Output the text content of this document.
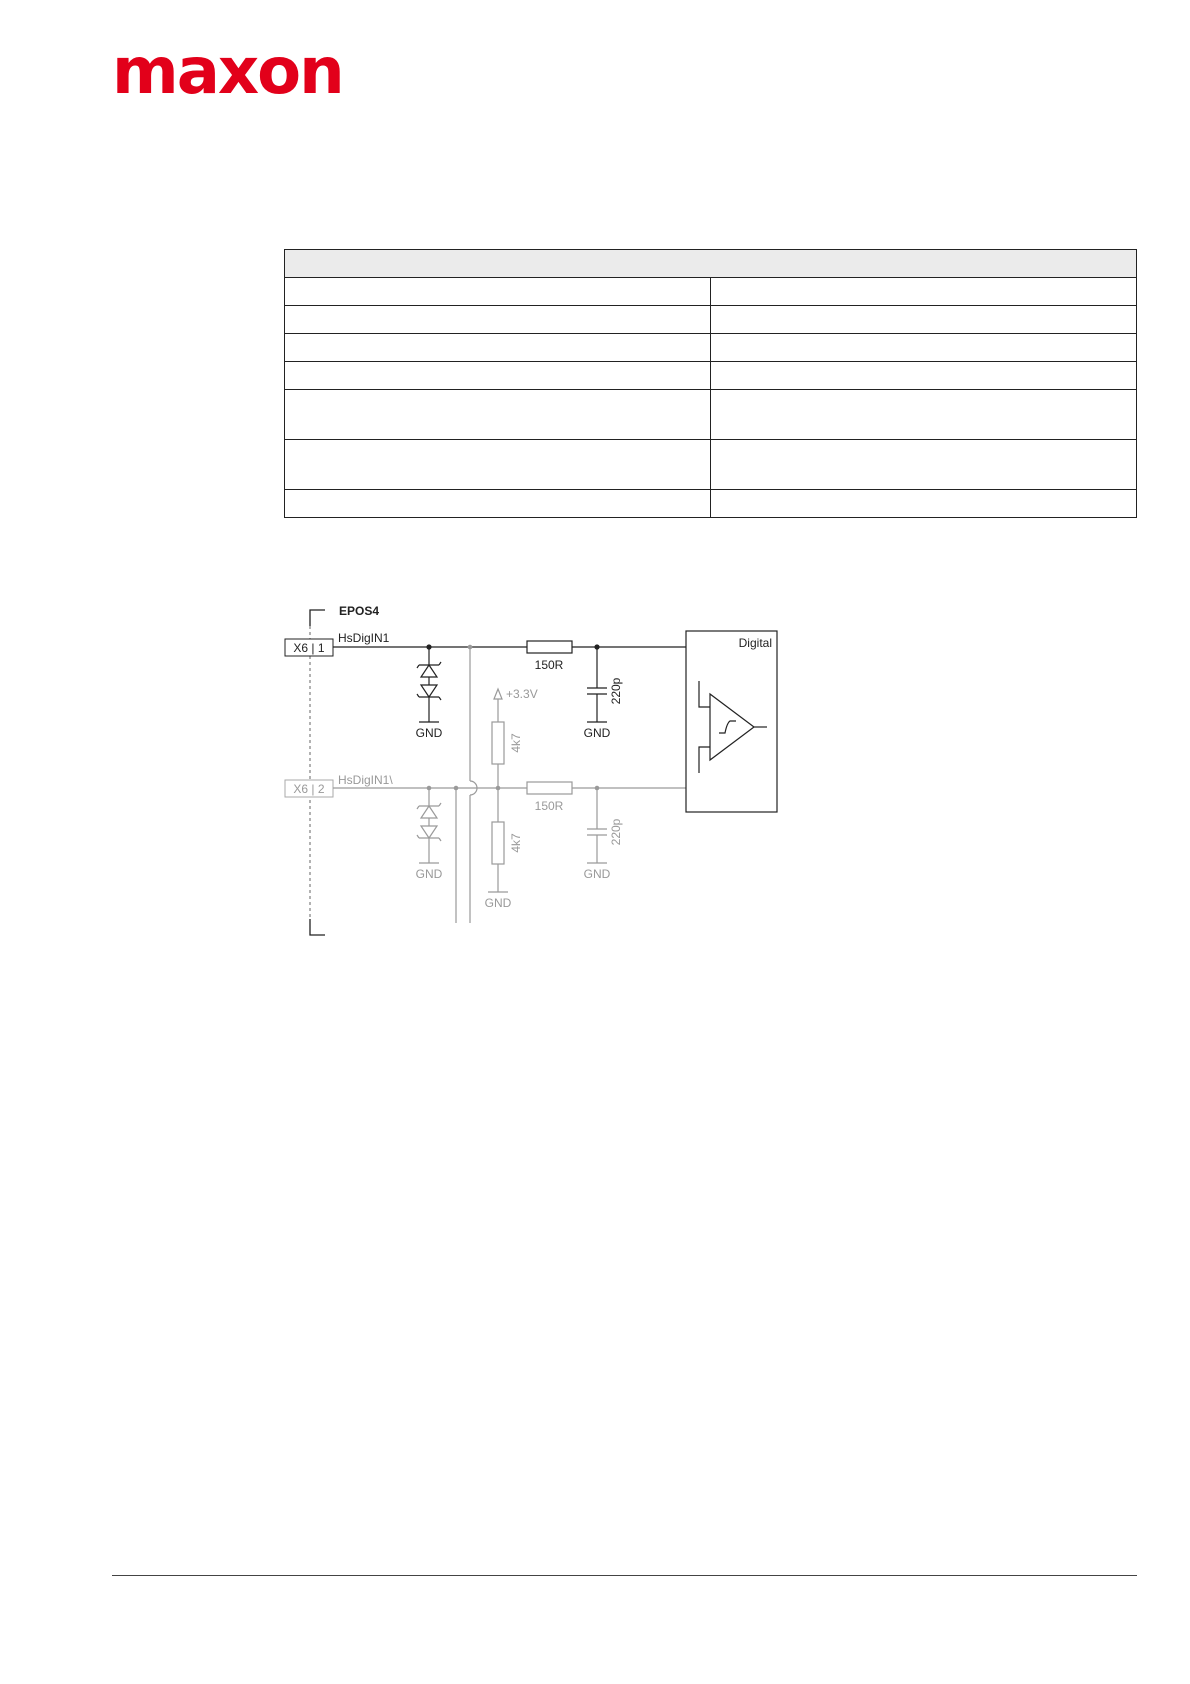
maxon

EPOS4
X6 | 1
HsDigIN1
GND
150R
220p
GND
X6 | 2
HsDigIN1\
GND
+3.3V
4k7
4k7
GND
150R
220p
GND
Digital
